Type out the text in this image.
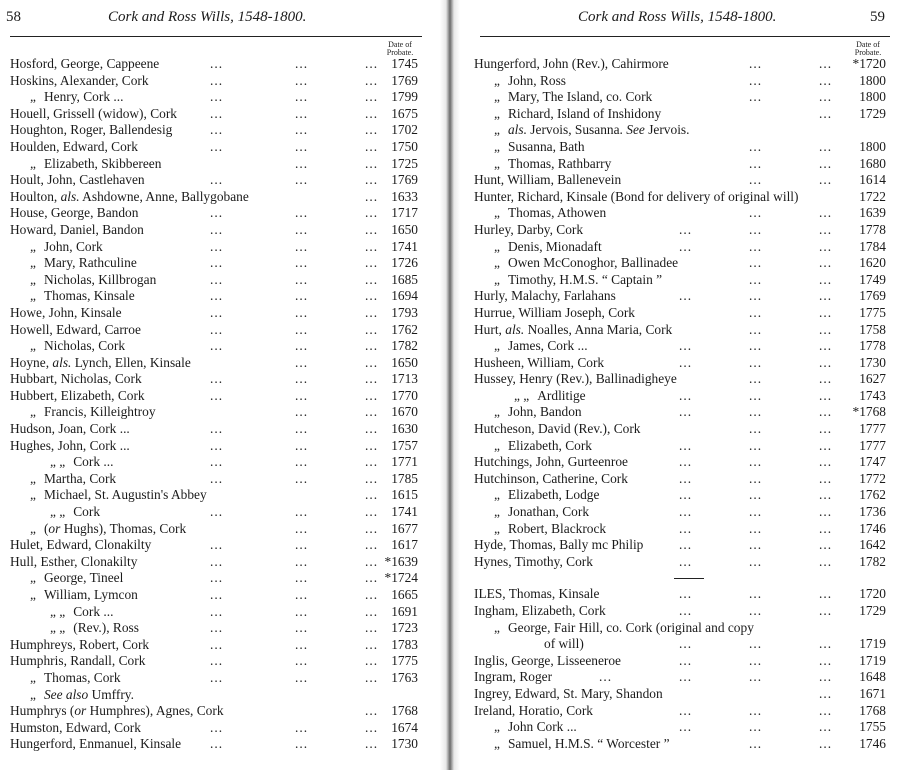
58	Cork and Ross Wills, 1548-1800.
Date of
Probate.
Hosford, George, Cappeene	...	...	... 1745
Hoskins, Alexander, Cork	...	...	... 1769
„ Henry, Cork ...	...	...	... 1799
Houell, Grissell (widow), Cork ...	...	... 1675
Houghton, Roger, Ballendesig	...	...	... 1702
Houlden, Edward, Cork	...	...	... 1750
„ Elizabeth, Skibbereen	...	... 1725
Hoult, John, Castlehaven	...	...	... 1769
Houlton, als. Ashdowne, Anne, Ballygobane	... 1633
House, George, Bandon	...	...	... 1717
Howard, Daniel, Bandon	...	...	... 1650
„ John, Cork	...	...	... 1741
„ Mary, Rathculine	...	...	... 1726
„ Nicholas, Killbrogan	...	...	... 1685
„ Thomas, Kinsale	...	...	... 1694
Howe, John, Kinsale	...	...	... 1793
Howell, Edward, Carroe	...	...	... 1762
„ Nicholas, Cork	...	...	... 1782
Hoyne, als. Lynch, Ellen, Kinsale	...	... 1650
Hubbart, Nicholas, Cork	...	...	... 1713
Hubbert, Elizabeth, Cork	...	...	... 1770
„ Francis, Killeightroy	...	... 1670
Hudson, Joan, Cork ...	...	...	... 1630
Hughes, John, Cork ...	...	...	... 1757
„ „ Cork ...	...	...	... 1771
„ Martha, Cork	...	...	... 1785
„ Michael, St. Augustin's Abbey	... 1615
„ „ Cork	...	...	... 1741
„ (or Hughs), Thomas, Cork	...	... 1677
Hulet, Edward, Clonakilty	...	...	... 1617
Hull, Esther, Clonakilty	...	...	... *1639
„ George, Tineel	...	...	... *1724
„ William, Lymcon	...	...	... 1665
„ „ Cork ...	...	...	... 1691
„ „ (Rev.), Ross	...	...	... 1723
Humphreys, Robert, Cork	...	...	... 1783
Humphris, Randall, Cork	...	...	... 1775
„ Thomas, Cork	...	...	... 1763
„ See also Umffry.
Humphrys (or Humphres), Agnes, Cork	... 1768
Humston, Edward, Cork	...	...	... 1674
Hungerford, Enmanuel, Kinsale ...	...	... 1730
Cork and Ross Wills, 1548-1800.	59
Date of
Probate.
Hungerford, John (Rev.), Cahirmore	...	...	*1720
„ John, Ross	...	...	1800
„ Mary, The Island, co. Cork	...	...	1800
„ Richard, Island of Inshidony	...	1729
„ als. Jervois, Susanna. See Jervois.
„ Susanna, Bath	...	...	1800
„ Thomas, Rathbarry	...	...	1680
Hunt, William, Ballenevein	...	...	1614
Hunter, Richard, Kinsale (Bond for delivery of original will)	1722
„ Thomas, Athowen	...	...	1639
Hurley, Darby, Cork	...	...	...	1778
„ Denis, Mionadaft	...	...	...	1784
„ Owen McConoghor, Ballinadee	...	...	1620
„ Timothy, H.M.S. “ Captain ”	...	...	1749
Hurly, Malachy, Farlahans	...	...	...	1769
Hurrue, William Joseph, Cork	...	...	1775
Hurt, als. Noalles, Anna Maria, Cork	...	...	1758
„ James, Cork ...	...	...	...	1778
Husheen, William, Cork	...	...	...	1730
Hussey, Henry (Rev.), Ballinadigheye	...	...	1627
„ „ Ardlitige	...	...	...	1743
„ John, Bandon	...	...	...	*1768
Hutcheson, David (Rev.), Cork	...	...	1777
„ Elizabeth, Cork	...	...	...	1777
Hutchings, John, Gurteenroe	...	...	...	1747
Hutchinson, Catherine, Cork	...	...	...	1772
„ Elizabeth, Lodge	...	...	...	1762
„ Jonathan, Cork	...	...	...	1736
„ Robert, Blackrock	...	...	...	1746
Hyde, Thomas, Bally mc Philip	...	...	...	1642
Hynes, Timothy, Cork	...	...	...	1782
ILES, Thomas, Kinsale	...	...	...	1720
Ingham, Elizabeth, Cork	...	...	...	1729
„ George, Fair Hill, co. Cork (original and copy
of will)	...	...	...	1719
Inglis, George, Lisseeneroe	...	...	...	1719
Ingram, Roger	...	...	...	...	1648
Ingrey, Edward, St. Mary, Shandon	...	1671
Ireland, Horatio, Cork	...	...	...	1768
„ John Cork ...	...	...	...	1755
„ Samuel, H.M.S. “ Worcester ”	...	...	1746
